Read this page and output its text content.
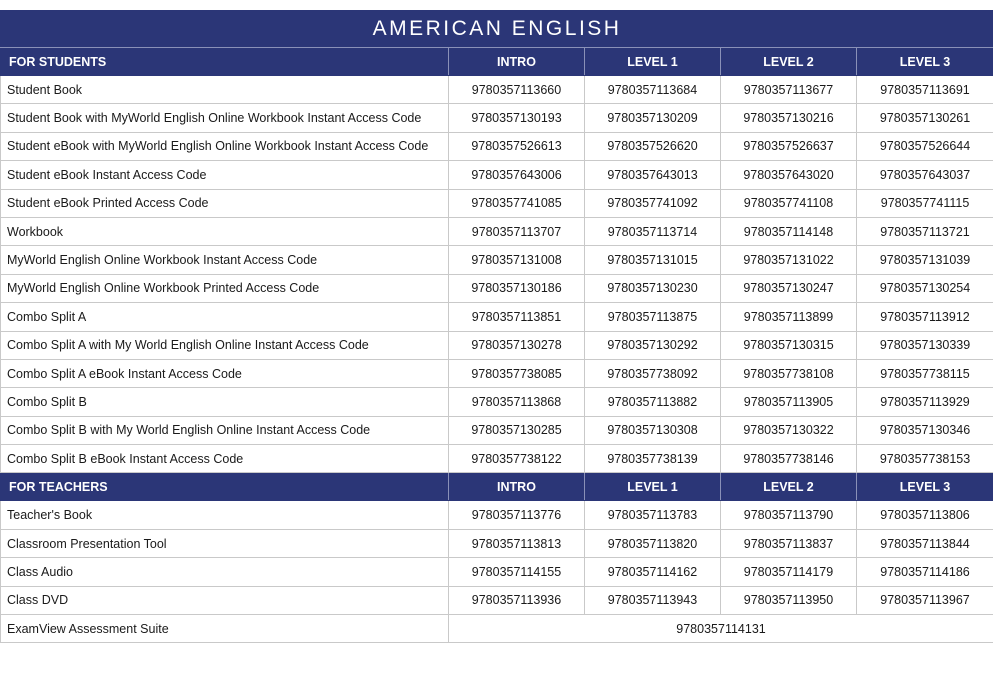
AMERICAN ENGLISH				
FOR STUDENTS	INTRO	LEVEL 1	LEVEL 2	LEVEL 3
Student Book	9780357113660	9780357113684	9780357113677	9780357113691
Student Book with MyWorld English Online Workbook Instant Access Code	9780357130193	9780357130209	9780357130216	9780357130261
Student eBook with MyWorld English Online Workbook Instant Access Code	9780357526613	9780357526620	9780357526637	9780357526644
Student eBook Instant Access Code	9780357643006	9780357643013	9780357643020	9780357643037
Student eBook Printed Access Code	9780357741085	9780357741092	9780357741108	9780357741115
Workbook	9780357113707	9780357113714	9780357114148	9780357113721
MyWorld English Online Workbook Instant Access Code	9780357131008	9780357131015	9780357131022	9780357131039
MyWorld English Online Workbook Printed Access Code	9780357130186	9780357130230	9780357130247	9780357130254
Combo Split A	9780357113851	9780357113875	9780357113899	9780357113912
Combo Split A with My World English Online Instant Access Code	9780357130278	9780357130292	9780357130315	9780357130339
Combo Split A eBook Instant Access Code	9780357738085	9780357738092	9780357738108	9780357738115
Combo Split B	9780357113868	9780357113882	9780357113905	9780357113929
Combo Split B with My World English Online Instant Access Code	9780357130285	9780357130308	9780357130322	9780357130346
Combo Split B eBook Instant Access Code	9780357738122	9780357738139	9780357738146	9780357738153
FOR TEACHERS	INTRO	LEVEL 1	LEVEL 2	LEVEL 3
Teacher's Book	9780357113776	9780357113783	9780357113790	9780357113806
Classroom Presentation Tool	9780357113813	9780357113820	9780357113837	9780357113844
Class Audio	9780357114155	9780357114162	9780357114179	9780357114186
Class DVD	9780357113936	9780357113943	9780357113950	9780357113967
ExamView Assessment Suite	9780357114131			
